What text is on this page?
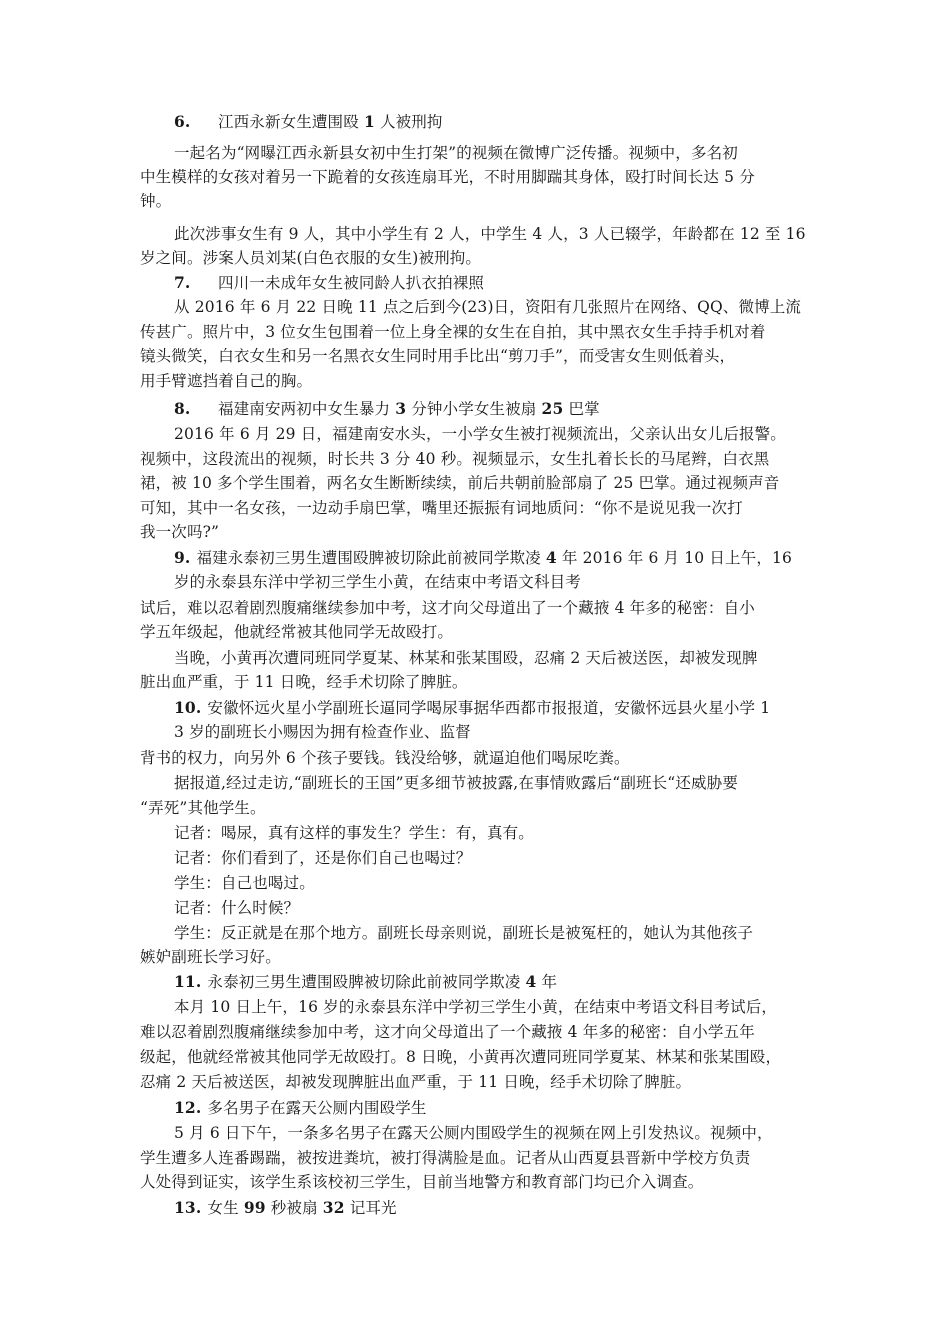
6. 江西永新女生遭围殴 1 人被刑拘
一起名为“网曝江西永新县女初中生打架”的视频在微博广泛传播。视频中，多名初
中生模样的女孩对着另一下跪着的女孩连扇耳光，不时用脚踹其身体，殴打时间长达 5 分
钟。
此次涉事女生有 9 人，其中小学生有 2 人，中学生 4 人，3 人已辍学，年龄都在 12 至 16
岁之间。涉案人员刘某(白色衣服的女生)被刑拘。
7. 四川一未成年女生被同龄人扒衣拍裸照
从 2016 年 6 月 22 日晚 11 点之后到今(23)日，资阳有几张照片在网络、QQ、微博上流
传甚广。照片中，3 位女生包围着一位上身全裸的女生在自拍，其中黑衣女生手持手机对着
镜头微笑，白衣女生和另一名黑衣女生同时用手比出“剪刀手”，而受害女生则低着头，
用手臂遮挡着自己的胸。
8. 福建南安两初中女生暴力 3 分钟小学女生被扇 25 巴掌
2016 年 6 月 29 日，福建南安水头，一小学女生被打视频流出，父亲认出女儿后报警。
视频中，这段流出的视频，时长共 3 分 40 秒。视频显示，女生扎着长长的马尾辫，白衣黑
裙，被 10 多个学生围着，两名女生断断续续，前后共朝前脸部扇了 25 巴掌。通过视频声音
可知，其中一名女孩，一边动手扇巴掌，嘴里还振振有词地质问：“你不是说见我一次打
我一次吗?”
9. 福建永泰初三男生遭围殴脾被切除此前被同学欺凌 4 年 2016 年 6 月 10 日上午，16
岁的永泰县东洋中学初三学生小黄，在结束中考语文科目考
试后，难以忍着剧烈腹痛继续参加中考，这才向父母道出了一个藏掖 4 年多的秘密：自小
学五年级起，他就经常被其他同学无故殴打。
当晚，小黄再次遭同班同学夏某、林某和张某围殴，忍痛 2 天后被送医，却被发现脾
脏出血严重，于 11 日晚，经手术切除了脾脏。
10. 安徽怀远火星小学副班长逼同学喝尿事据华西都市报报道，安徽怀远县火星小学 1
3 岁的副班长小赐因为拥有检查作业、监督
背书的权力，向另外 6 个孩子要钱。钱没给够，就逼迫他们喝尿吃粪。
据报道,经过走访,“副班长的王国”更多细节被披露,在事情败露后“副班长“还威胁要
“弄死”其他学生。
记者：喝尿，真有这样的事发生？学生：有，真有。
记者：你们看到了，还是你们自己也喝过？
学生：自己也喝过。
记者：什么时候？
学生：反正就是在那个地方。副班长母亲则说，副班长是被冤枉的，她认为其他孩子
嫉妒副班长学习好。
11. 永泰初三男生遭围殴脾被切除此前被同学欺凌 4 年
本月 10 日上午，16 岁的永泰县东洋中学初三学生小黄，在结束中考语文科目考试后，
难以忍着剧烈腹痛继续参加中考，这才向父母道出了一个藏掖 4 年多的秘密：自小学五年
级起，他就经常被其他同学无故殴打。8 日晚，小黄再次遭同班同学夏某、林某和张某围殴，
忍痛 2 天后被送医，却被发现脾脏出血严重，于 11 日晚，经手术切除了脾脏。
12. 多名男子在露天公厕内围殴学生
5 月 6 日下午，一条多名男子在露天公厕内围殴学生的视频在网上引发热议。视频中，
学生遭多人连番踢踹，被按进粪坑，被打得满脸是血。记者从山西夏县晋新中学校方负责
人处得到证实，该学生系该校初三学生，目前当地警方和教育部门均已介入调查。
13. 女生 99 秒被扇 32 记耳光
